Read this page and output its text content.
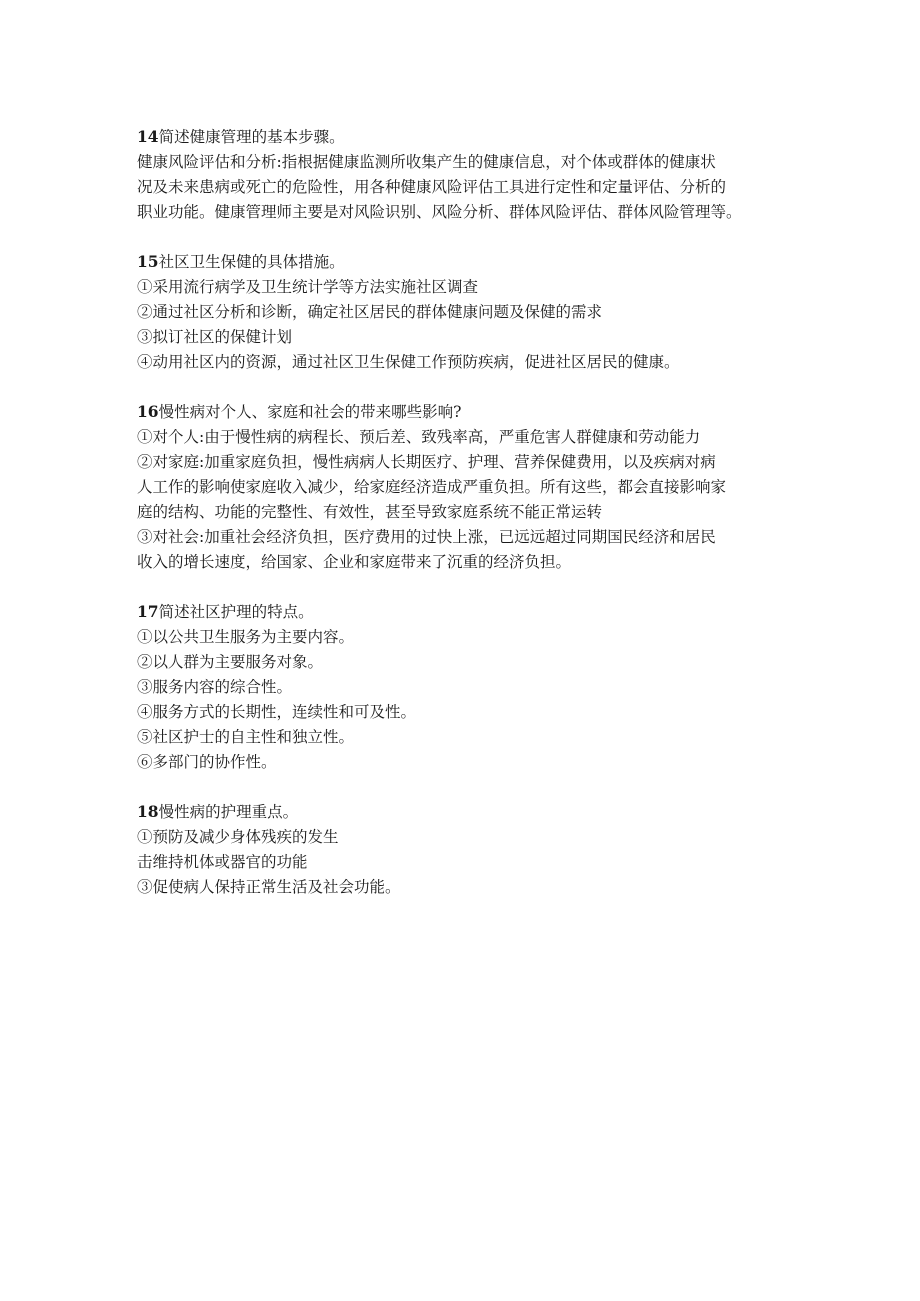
14简述健康管理的基本步骤。

健康风险评估和分析:指根据健康监测所收集产生的健康信息，对个体或群体的健康状

况及未来患病或死亡的危险性，用各种健康风险评估工具进行定性和定量评估、分析的

职业功能。健康管理师主要是对风险识别、风险分析、群体风险评估、群体风险管理等。

15社区卫生保健的具体措施。

①采用流行病学及卫生统计学等方法实施社区调查

②通过社区分析和诊断，确定社区居民的群体健康问题及保健的需求

③拟订社区的保健计划

④动用社区内的资源，通过社区卫生保健工作预防疾病，促进社区居民的健康。

16慢性病对个人、家庭和社会的带来哪些影响?

①对个人:由于慢性病的病程长、预后差、致残率高，严重危害人群健康和劳动能力

②对家庭:加重家庭负担，慢性病病人长期医疗、护理、营养保健费用，以及疾病对病

人工作的影响使家庭收入减少，给家庭经济造成严重负担。所有这些，都会直接影响家

庭的结构、功能的完整性、有效性，甚至导致家庭系统不能正常运转

③对社会:加重社会经济负担，医疗费用的过快上涨，已远远超过同期国民经济和居民

收入的增长速度，给国家、企业和家庭带来了沉重的经济负担。

17简述社区护理的特点。

①以公共卫生服务为主要内容。

②以人群为主要服务对象。

③服务内容的综合性。

④服务方式的长期性，连续性和可及性。

⑤社区护士的自主性和独立性。

⑥多部门的协作性。

18慢性病的护理重点。

①预防及减少身体残疾的发生

击维持机体或器官的功能

③促使病人保持正常生活及社会功能。
